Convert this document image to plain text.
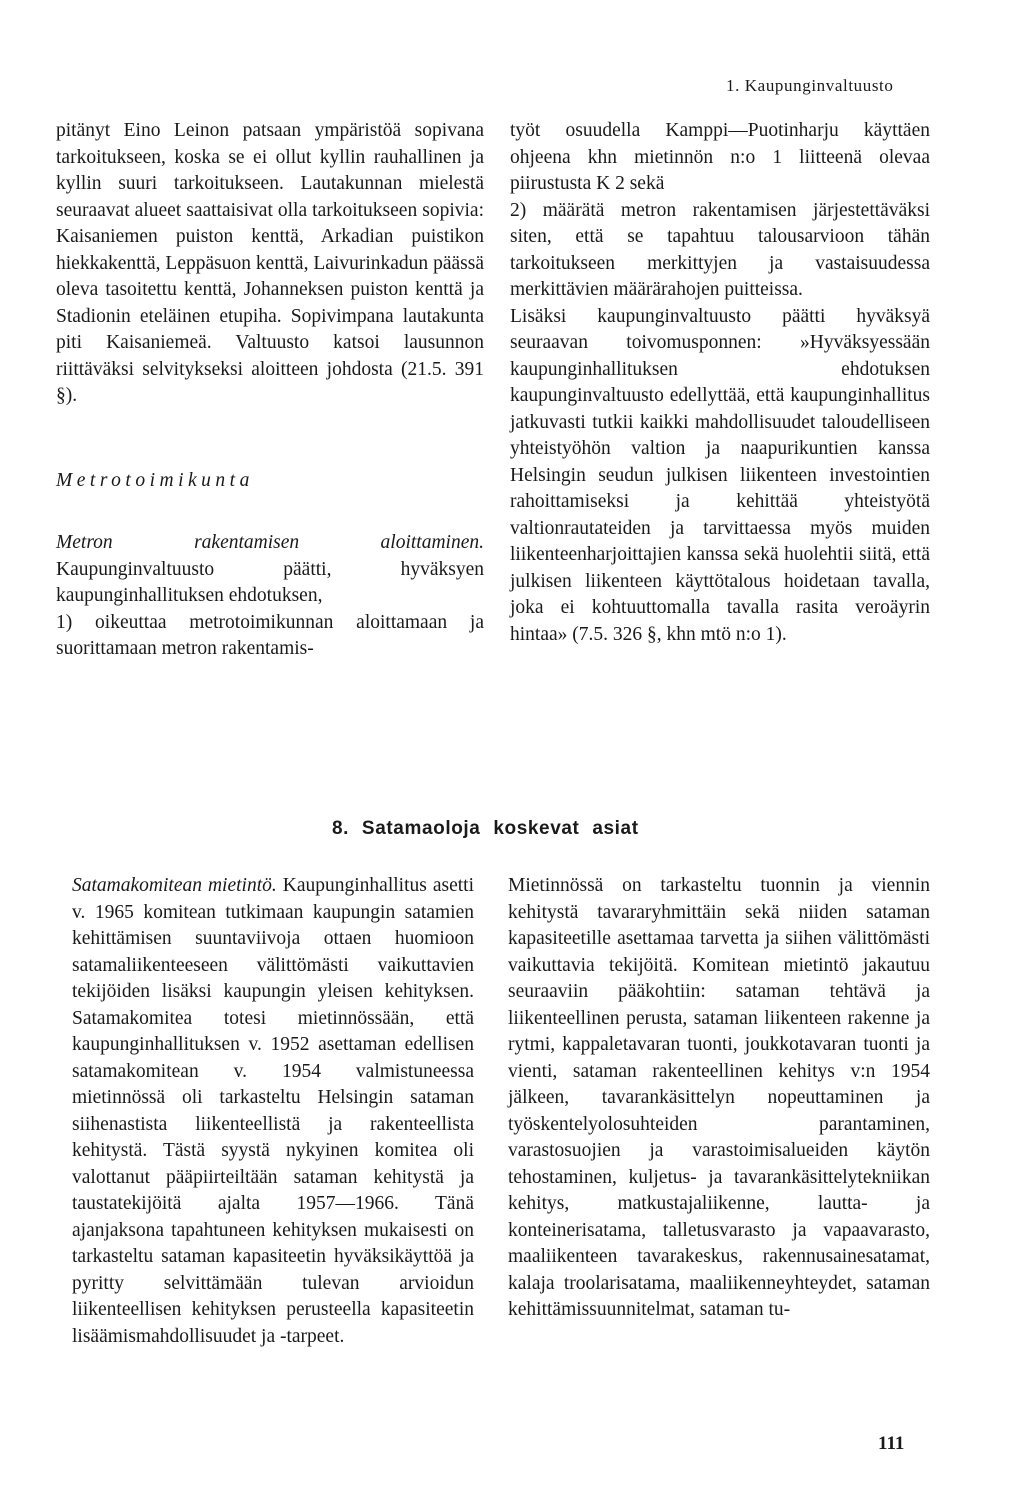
1. Kaupunginvaltuusto

pitänyt Eino Leinon patsaan ympäristöä sopivana tarkoitukseen, koska se ei ollut kyllin rauhallinen ja kyllin suuri tarkoitukseen. Lautakunnan mielestä seuraavat alueet saattaisivat olla tarkoitukseen sopivia: Kaisaniemen puiston kenttä, Arkadian puistikon hiekkakenttä, Leppäsuon kenttä, Laivurinkadun päässä oleva tasoitettu kenttä, Johanneksen puiston kenttä ja Stadionin eteläinen etupiha. Sopivimpana lautakunta piti Kaisaniemeä. Valtuusto katsoi lausunnon riittäväksi selvitykseksi aloitteen johdosta (21.5. 391 §).

Metrotoimikunta

Metron rakentamisen aloittaminen. Kaupunginvaltuusto päätti, hyväksyen kaupunginhallituksen ehdotuksen,

1) oikeuttaa metrotoimikunnan aloittamaan ja suorittamaan metron rakentamis-

työt osuudella Kamppi—Puotinharju käyttäen ohjeena khn mietinnön n:o 1 liitteenä olevaa piirustusta K 2 sekä

2) määrätä metron rakentamisen järjestettäväksi siten, että se tapahtuu talousarvioon tähän tarkoitukseen merkittyjen ja vastaisuudessa merkittävien määrärahojen puitteissa.

Lisäksi kaupunginvaltuusto päätti hyväksyä seuraavan toivomusponnen: »Hyväksyessään kaupunginhallituksen ehdotuksen kaupunginvaltuusto edellyttää, että kaupunginhallitus jatkuvasti tutkii kaikki mahdollisuudet taloudelliseen yhteistyöhön valtion ja naapurikuntien kanssa Helsingin seudun julkisen liikenteen investointien rahoittamiseksi ja kehittää yhteistyötä valtionrautateiden ja tarvittaessa myös muiden liikenteenharjoittajien kanssa sekä huolehtii siitä, että julkisen liikenteen käyttötalous hoidetaan tavalla, joka ei kohtuuttomalla tavalla rasita veroäyrin hintaa» (7.5. 326 §, khn mtö n:o 1).

8. Satamaoloja koskevat asiat

Satamakomitean mietintö. Kaupunginhallitus asetti v. 1965 komitean tutkimaan kaupungin satamien kehittämisen suuntaviivoja ottaen huomioon satamaliikenteeseen välittömästi vaikuttavien tekijöiden lisäksi kaupungin yleisen kehityksen. Satamakomitea totesi mietinnössään, että kaupunginhallituksen v. 1952 asettaman edellisen satamakomitean v. 1954 valmistuneessa mietinnössä oli tarkasteltu Helsingin sataman siihenastista liikenteellistä ja rakenteellista kehitystä. Tästä syystä nykyinen komitea oli valottanut pääpiirteiltään sataman kehitystä ja taustatekijöitä ajalta 1957—1966. Tänä ajanjaksona tapahtuneen kehityksen mukaisesti on tarkasteltu sataman kapasiteetin hyväksikäyttöä ja pyritty selvittämään tulevan arvioidun liikenteellisen kehityksen perusteella kapasiteetin lisäämismahdollisuudet ja -tarpeet.

Mietinnössä on tarkasteltu tuonnin ja viennin kehitystä tavararyhmittäin sekä niiden sataman kapasiteetille asettamaa tarvetta ja siihen välittömästi vaikuttavia tekijöitä. Komitean mietintö jakautuu seuraaviin pääkohtiin: sataman tehtävä ja liikenteellinen perusta, sataman liikenteen rakenne ja rytmi, kappaletavaran tuonti, joukkotavaran tuonti ja vienti, sataman rakenteellinen kehitys v:n 1954 jälkeen, tavarankäsittelyn nopeuttaminen ja työskentelyolosuhteiden parantaminen, varastosuojien ja varastoimisalueiden käytön tehostaminen, kuljetus- ja tavarankäsittelytekniikan kehitys, matkustajaliikenne, lautta- ja konteinerisatama, talletusvarasto ja vapaavarasto, maaliikenteen tavarakeskus, rakennusainesatamat, kalaja troolarisatama, maaliikenneyhteydet, sataman kehittämissuunnitelmat, sataman tu-

111
